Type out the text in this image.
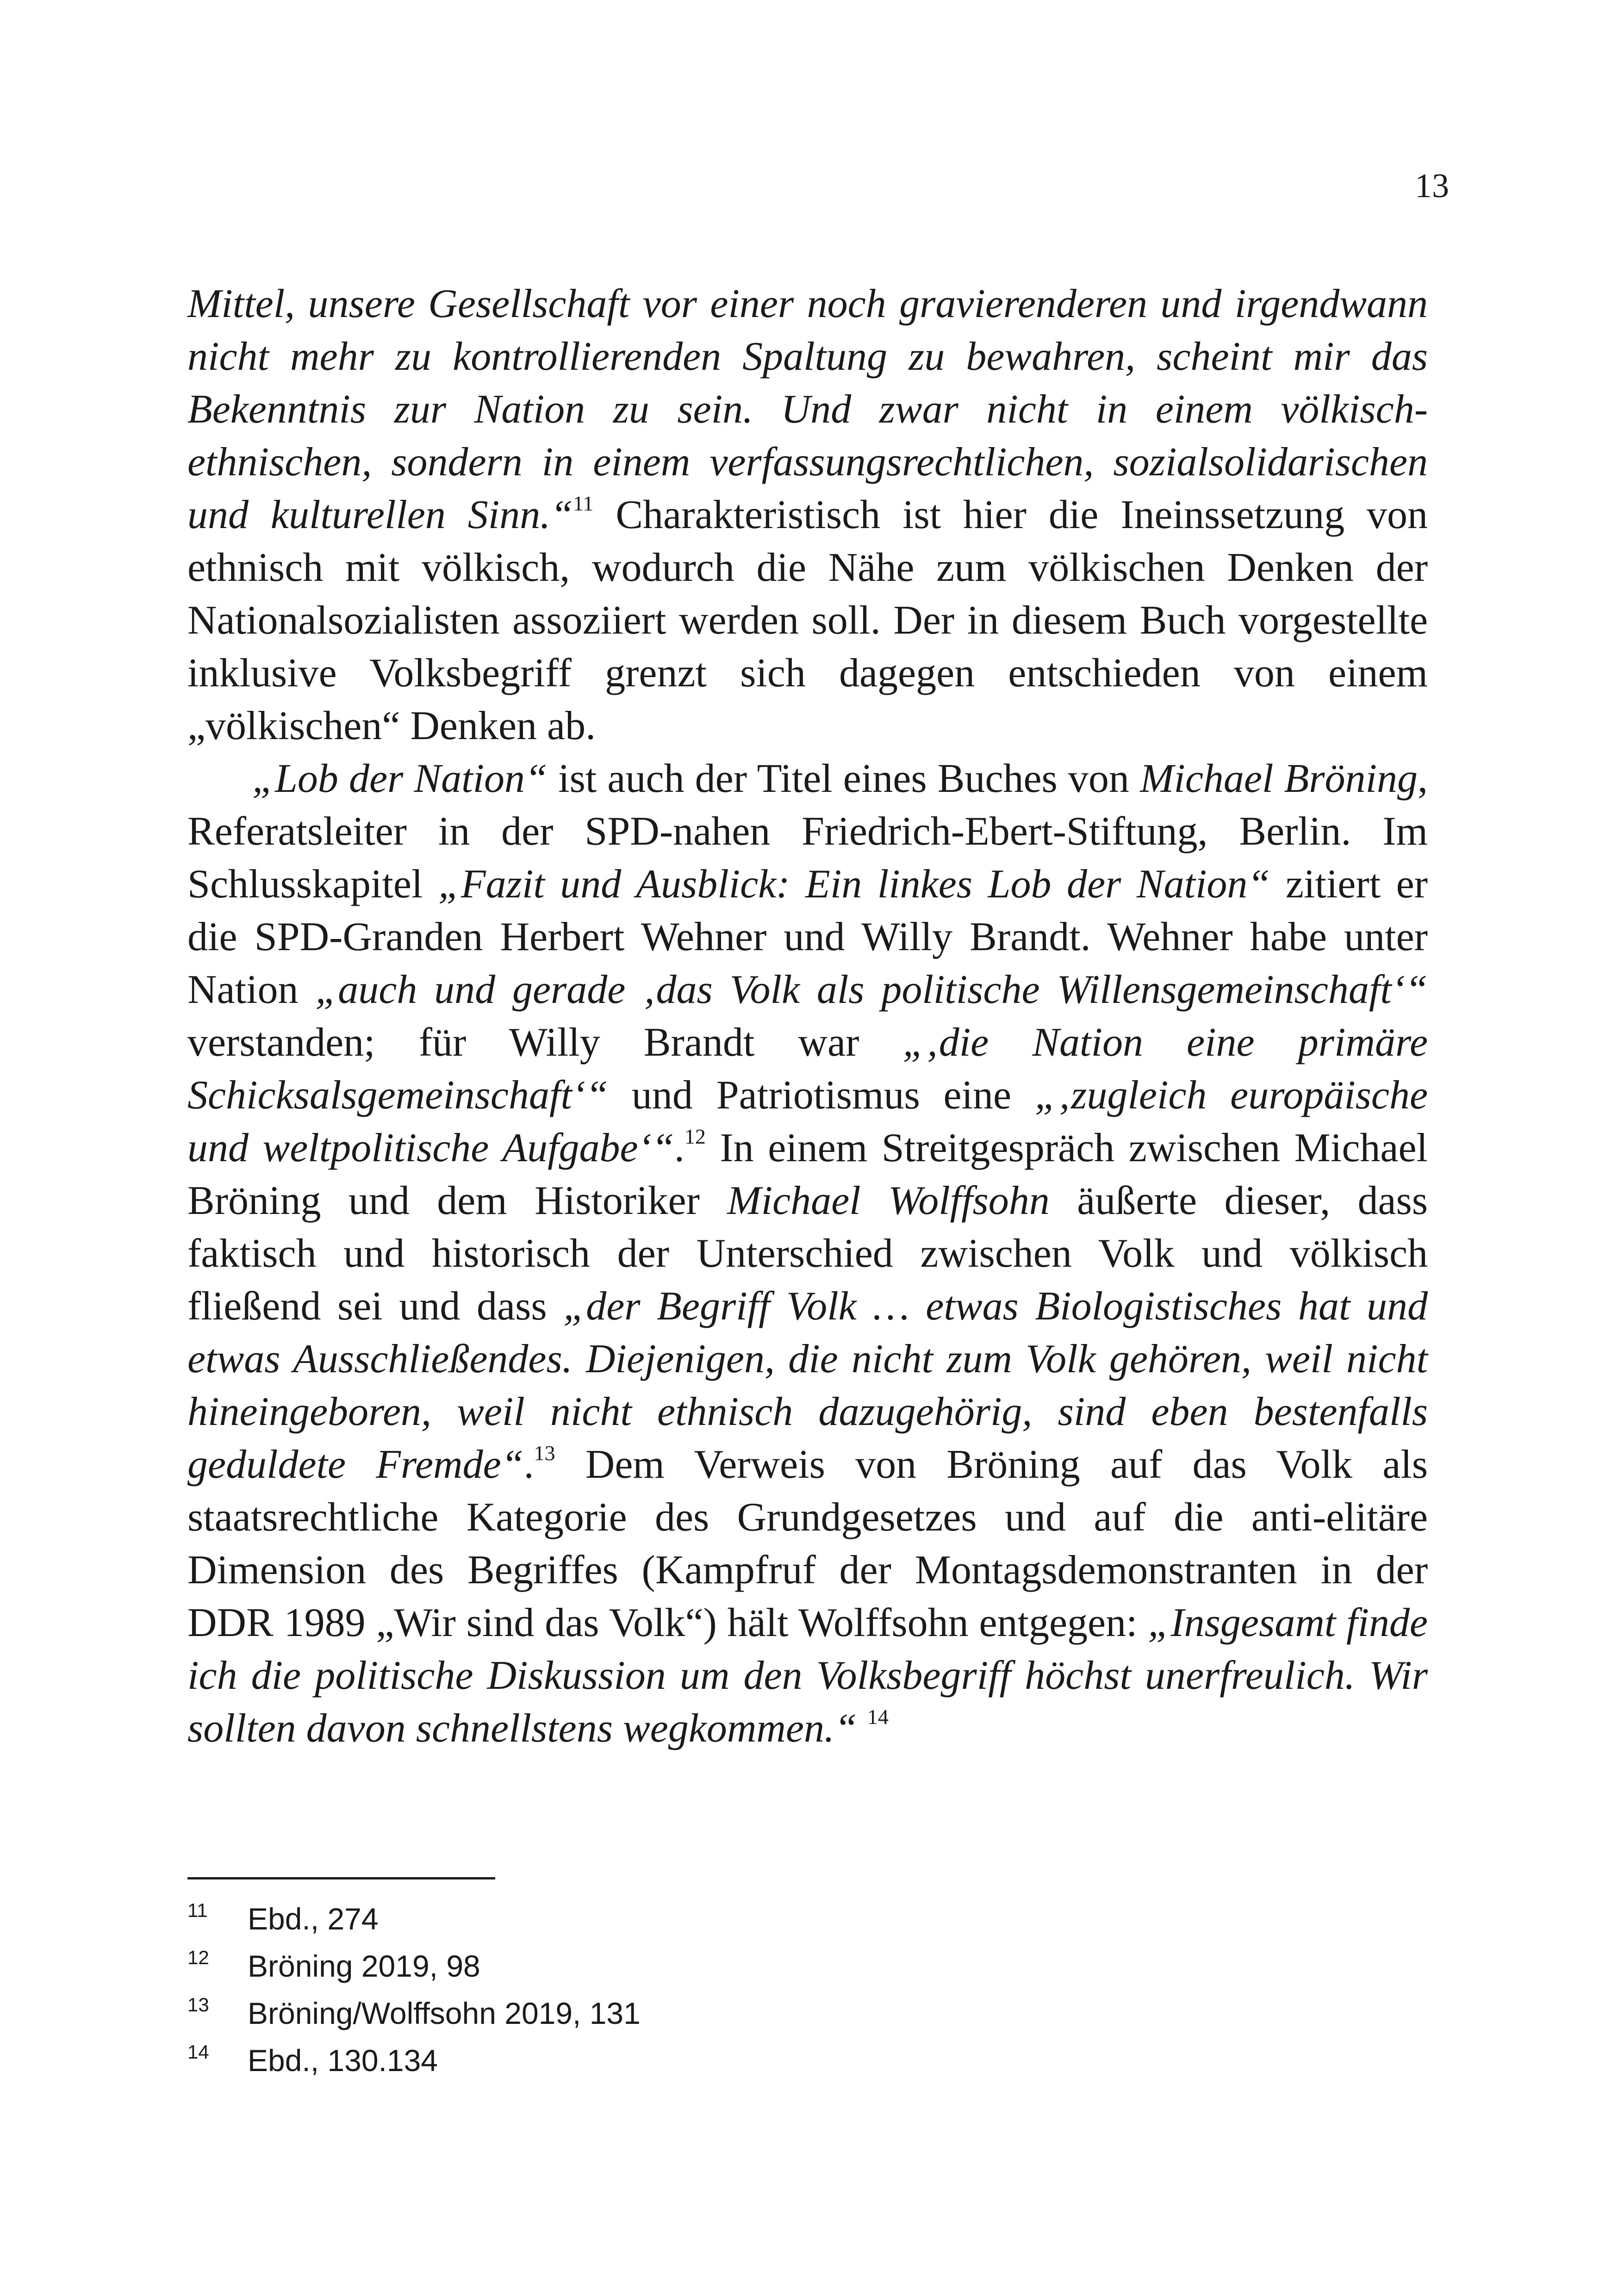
13

Mittel, unsere Gesellschaft vor einer noch gravierenderen und irgendwann nicht mehr zu kontrollierenden Spaltung zu bewahren, scheint mir das Bekenntnis zur Nation zu sein. Und zwar nicht in einem völkisch-ethnischen, sondern in einem verfassungsrechtlichen, sozialsolidarischen und kulturellen Sinn.“$^{11}$ Charakteristisch ist hier die Ineinssetzung von ethnisch mit völkisch, wodurch die Nähe zum völkischen Denken der Nationalsozialisten assoziiert werden soll. Der in diesem Buch vorgestellte inklusive Volksbegriff grenzt sich dagegen entschieden von einem „völkischen“ Denken ab.

„Lob der Nation“ ist auch der Titel eines Buches von Michael Bröning, Referatsleiter in der SPD-nahen Friedrich-Ebert-Stiftung, Berlin. Im Schlusskapitel „Fazit und Ausblick: Ein linkes Lob der Nation“ zitiert er die SPD-Granden Herbert Wehner und Willy Brandt. Wehner habe unter Nation „auch und gerade ‚das Volk als politische Willensgemeinschaft‘“ verstanden; für Willy Brandt war „‚die Nation eine primäre Schicksalsgemeinschaft‘“ und Patriotismus eine „‚zugleich europäische und weltpolitische Aufgabe‘“.$^{12}$ In einem Streitgespräch zwischen Michael Bröning und dem Historiker Michael Wolffsohn äußerte dieser, dass faktisch und historisch der Unterschied zwischen Volk und völkisch fließend sei und dass „der Begriff Volk … etwas Biologistisches hat und etwas Ausschließendes. Diejenigen, die nicht zum Volk gehören, weil nicht hineingeboren, weil nicht ethnisch dazugehörig, sind eben bestenfalls geduldete Fremde“.$^{13}$ Dem Verweis von Bröning auf das Volk als staatsrechtliche Kategorie des Grundgesetzes und auf die anti-elitäre Dimension des Begriffes (Kampfruf der Montagsdemonstranten in der DDR 1989 „Wir sind das Volk“) hält Wolffsohn entgegen: „Insgesamt finde ich die politische Diskussion um den Volksbegriff höchst unerfreulich. Wir sollten davon schnellstens wegkommen.“ $^{14}$

11 Ebd., 274
12 Bröning 2019, 98
13 Bröning/Wolffsohn 2019, 131
14 Ebd., 130.134
